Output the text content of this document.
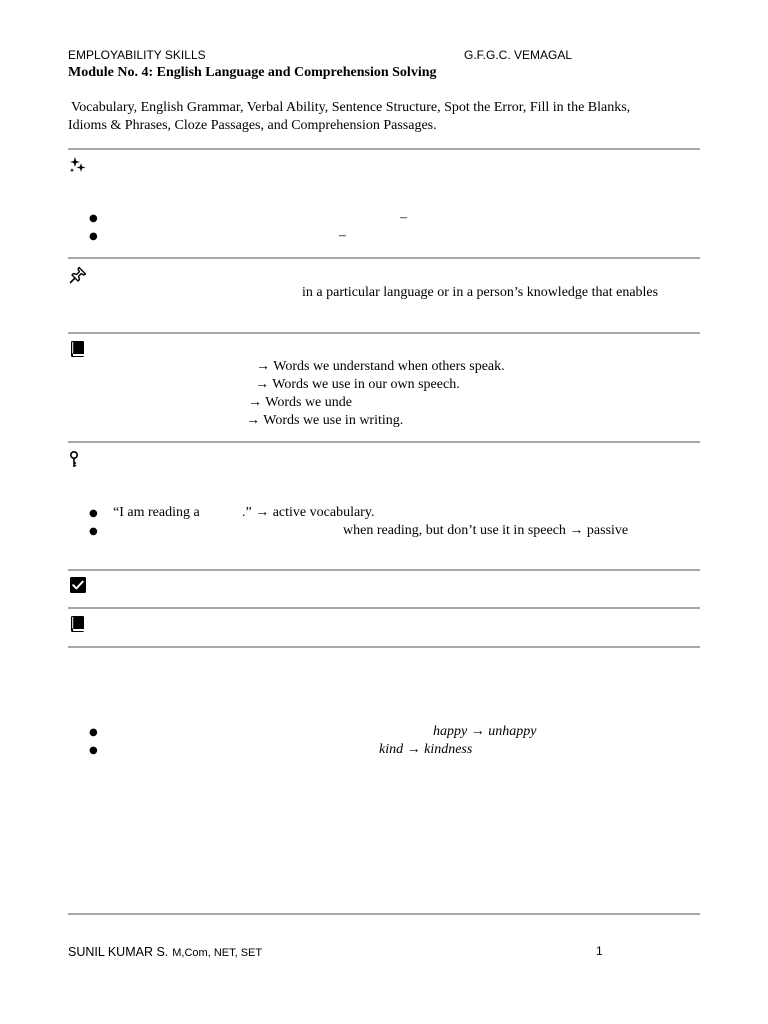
EMPLOYABILITY SKILLS	G.F.G.C. VEMAGAL
Module No. 4: English Language and Comprehension Solving
Vocabulary, English Grammar, Verbal Ability, Sentence Structure, Spot the Error, Fill in the Blanks,
Idioms & Phrases, Cloze Passages, and Comprehension Passages.
●	–
●	–
in a particular language or in a person’s knowledge that enables
→ Words we understand when others speak.
→ Words we use in our own speech.
→ Words we unde
→ Words we use in writing.
● “I am reading a	.” → active vocabulary.
●	when reading, but don’t use it in speech → passive
●	happy → unhappy
●	kind → kindness
SUNIL KUMAR S. M,Com, NET, SET	1
